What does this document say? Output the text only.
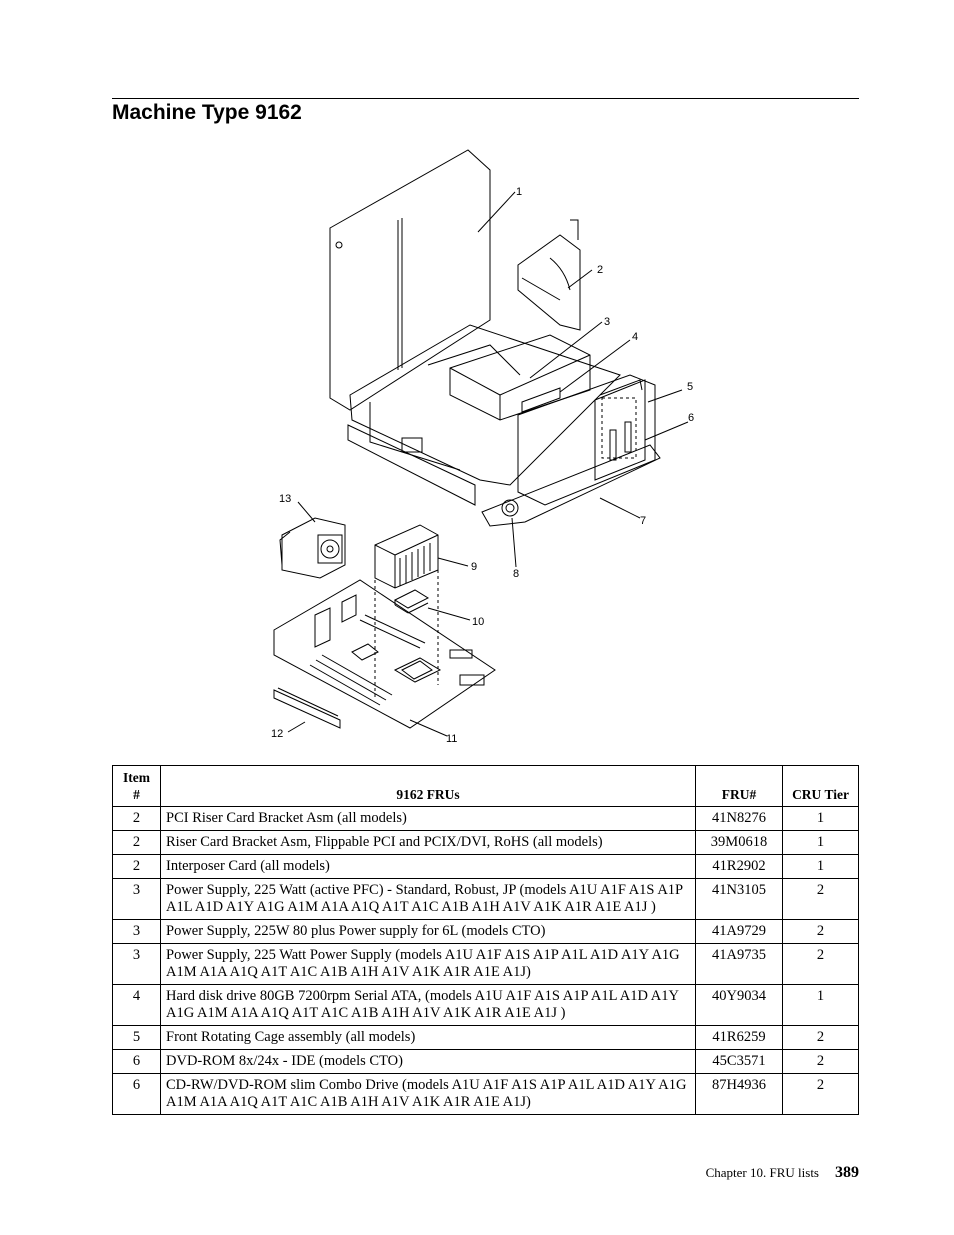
Machine Type 9162
1
2
3
4
5
6
7
8
9
10
11
12
13
Item #	9162 FRUs	FRU#	CRU Tier
2	PCI Riser Card Bracket Asm (all models)	41N8276	1
2	Riser Card Bracket Asm, Flippable PCI and PCIX/DVI, RoHS (all models)	39M0618	1
2	Interposer Card (all models)	41R2902	1
3	Power Supply, 225 Watt (active PFC) - Standard, Robust, JP (models A1U A1F A1S A1P A1L A1D A1Y A1G A1M A1A A1Q A1T A1C A1B A1H A1V A1K A1R A1E A1J )	41N3105	2
3	Power Supply, 225W 80 plus Power supply for 6L (models CTO)	41A9729	2
3	Power Supply, 225 Watt Power Supply (models A1U A1F A1S A1P A1L A1D A1Y A1G A1M A1A A1Q A1T A1C A1B A1H A1V A1K A1R A1E A1J)	41A9735	2
4	Hard disk drive 80GB 7200rpm Serial ATA, (models A1U A1F A1S A1P A1L A1D A1Y A1G A1M A1A A1Q A1T A1C A1B A1H A1V A1K A1R A1E A1J )	40Y9034	1
5	Front Rotating Cage assembly (all models)	41R6259	2
6	DVD-ROM 8x/24x - IDE (models CTO)	45C3571	2
6	CD-RW/DVD-ROM slim Combo Drive (models A1U A1F A1S A1P A1L A1D A1Y A1G A1M A1A A1Q A1T A1C A1B A1H A1V A1K A1R A1E A1J)	87H4936	2
Chapter 10. FRU lists 389
